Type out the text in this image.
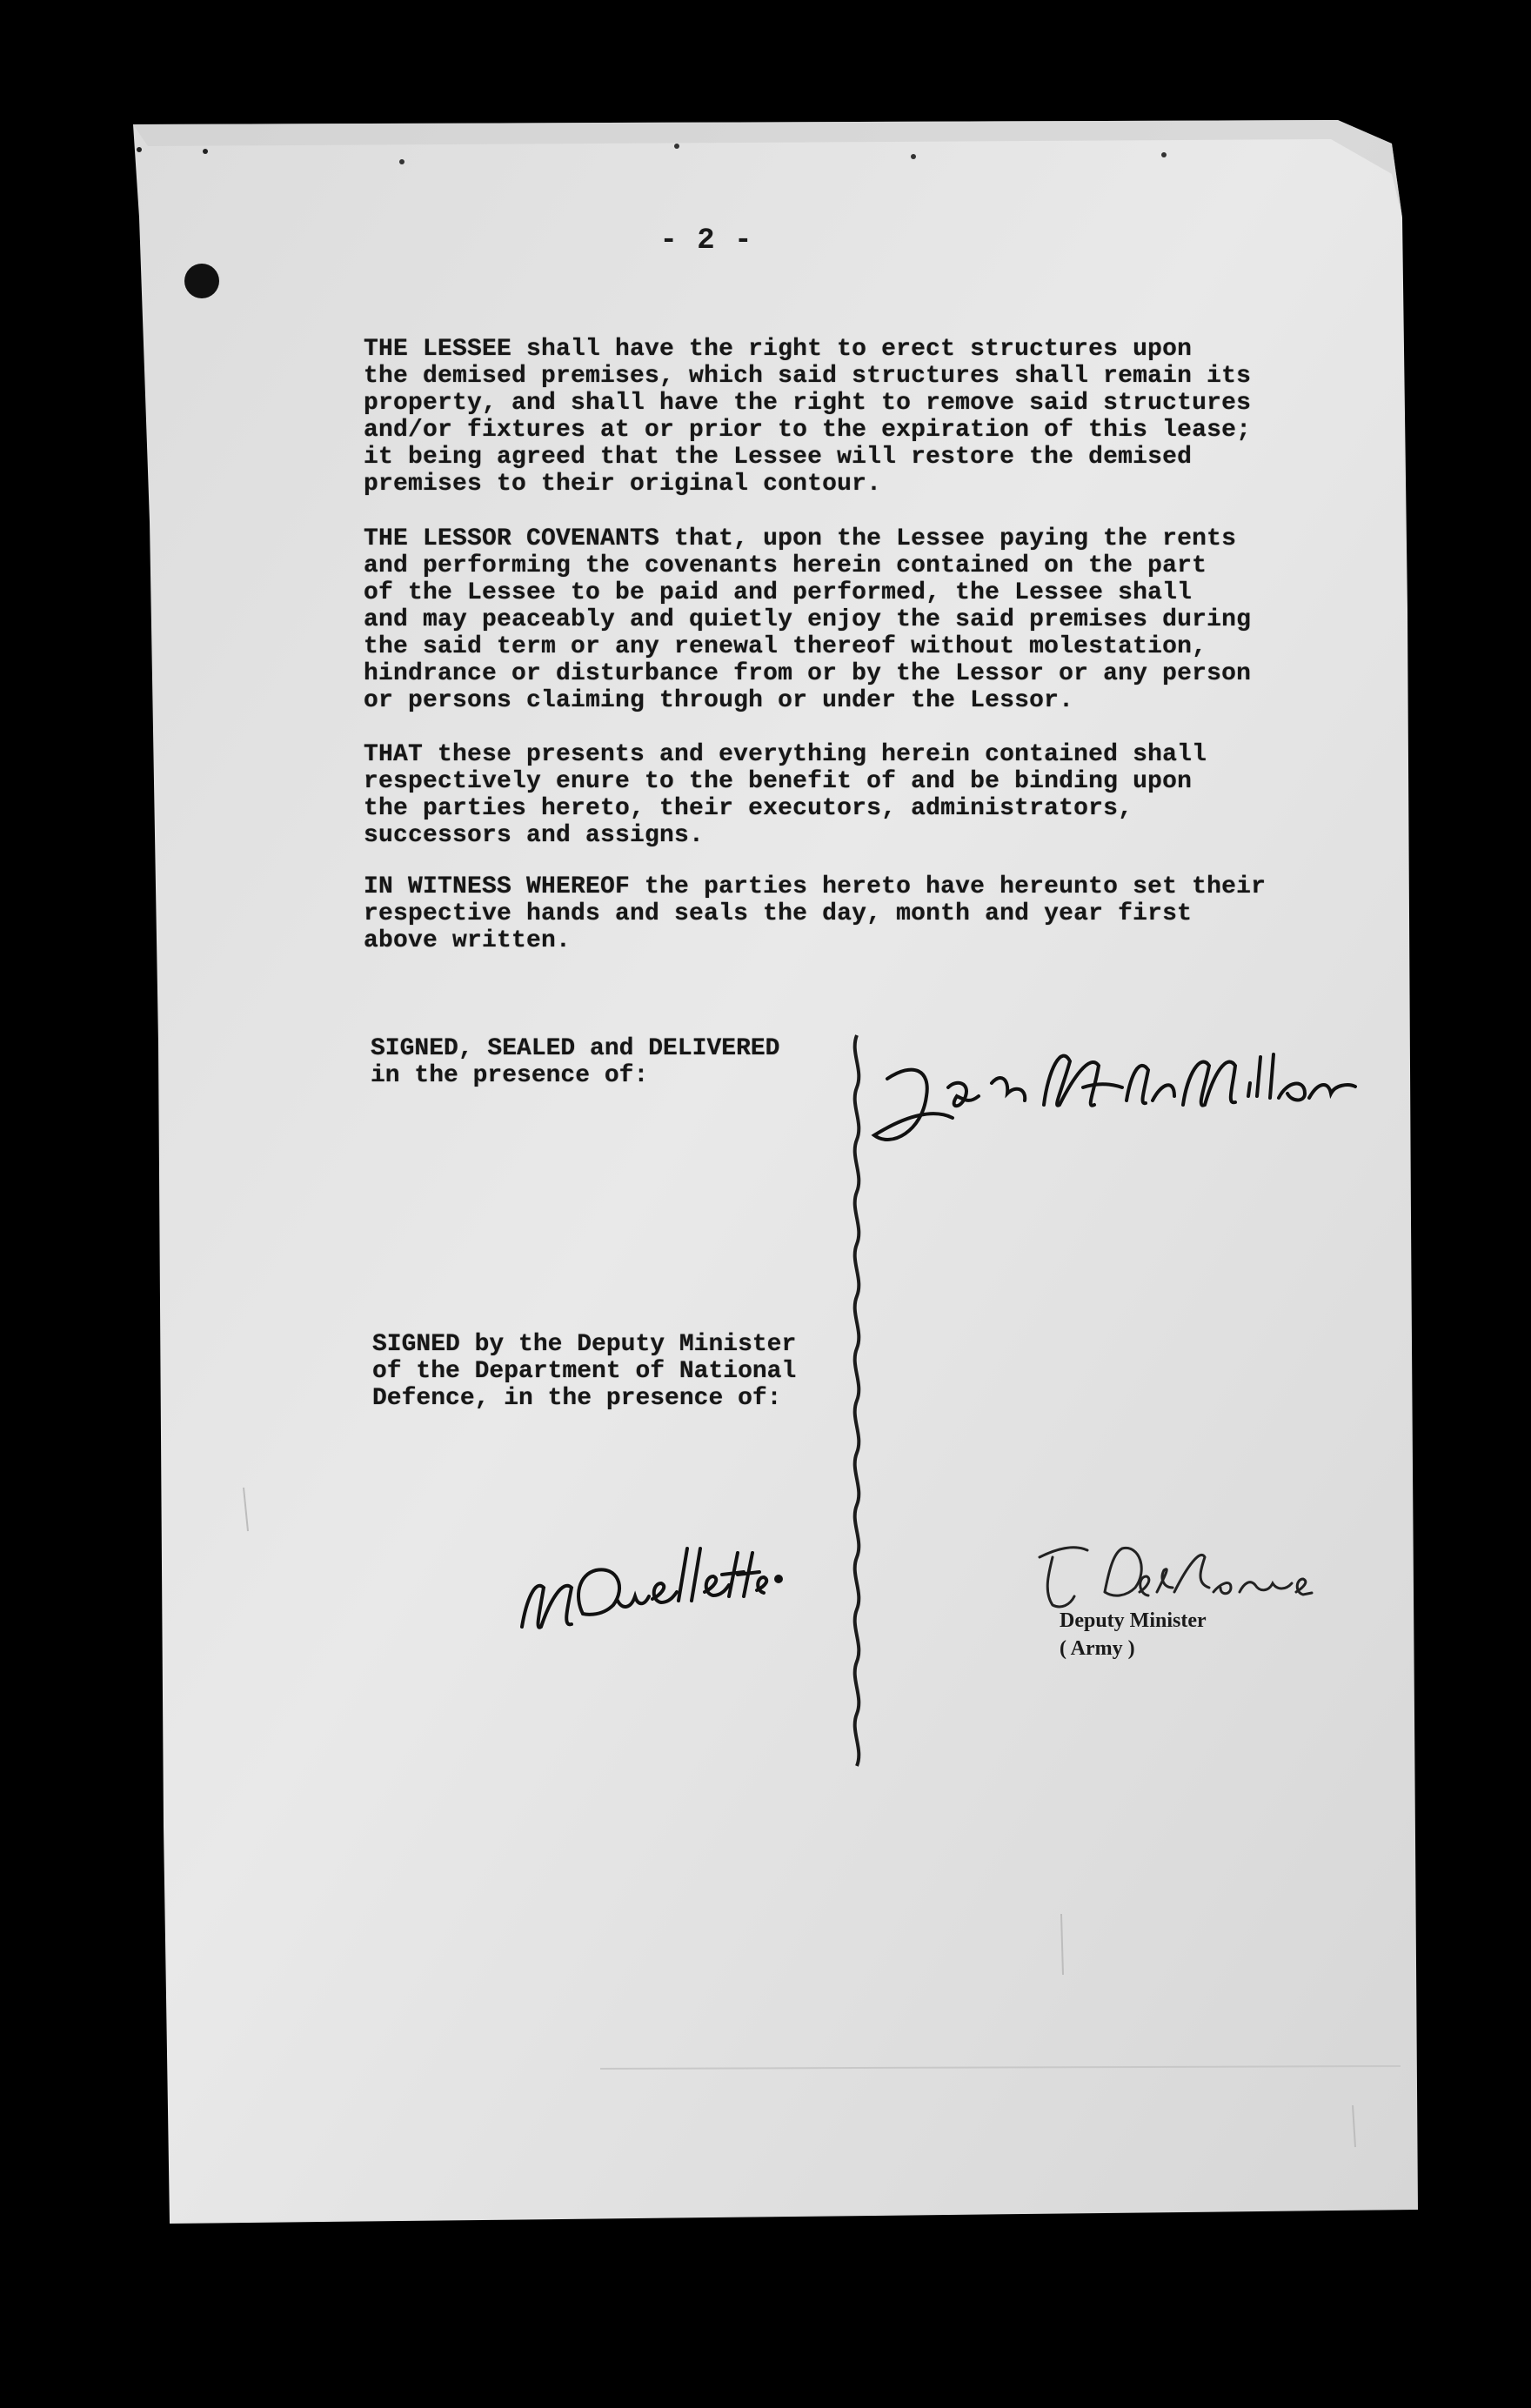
- 2 -

THE LESSEE shall have the right to erect structures upon
the demised premises, which said structures shall remain its
property, and shall have the right to remove said structures
and/or fixtures at or prior to the expiration of this lease;
it being agreed that the Lessee will restore the demised
premises to their original contour.

THE LESSOR COVENANTS that, upon the Lessee paying the rents
and performing the covenants herein contained on the part
of the Lessee to be paid and performed, the Lessee shall
and may peaceably and quietly enjoy the said premises during
the said term or any renewal thereof without molestation,
hindrance or disturbance from or by the Lessor or any person
or persons claiming through or under the Lessor.

THAT these presents and everything herein contained shall
respectively enure to the benefit of and be binding upon
the parties hereto, their executors, administrators,
successors and assigns.

IN WITNESS WHEREOF the parties hereto have hereunto set their
respective hands and seals the day, month and year first
above written.

SIGNED, SEALED and DELIVERED
in the presence of:

SIGNED by the Deputy Minister
of the Department of National
Defence, in the presence of:

Deputy Minister
( Army )
